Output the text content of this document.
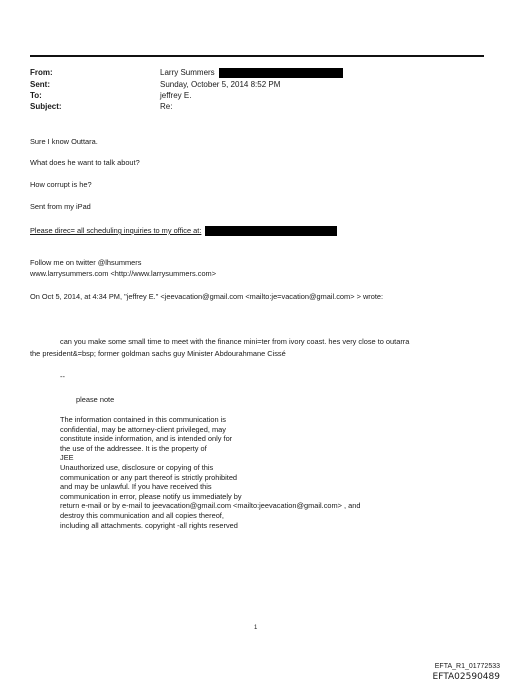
From:	Larry Summers
Sent:	Sunday, October 5, 2014 8:52 PM
To:	jeffrey E.
Subject:	Re:
Sure I know Outtara.
What does he want to talk about?
How corrupt is he?
Sent from my iPad
Please direc= all scheduling inquiries to my office at:
Follow me on twitter @lhsummers
www.larrysummers.com <http://www.larrysummers.com>
On Oct 5, 2014, at 4:34 PM, "jeffrey E." <jeevacation@gmail.com <mailto:je=vacation@gmail.com> > wrote:
can you make some small time to meet with the finance mini=ter from ivory coast. hes very close to outarra
the president&=bsp; former goldman sachs guy Minister Abdourahmane Cissé
--
please note
The information contained in this communication is
confidential, may be attorney-client privileged, may
constitute inside information, and is intended only for
the use of the addressee. It is the property of
JEE
Unauthorized use, disclosure or copying of this
communication or any part thereof is strictly prohibited
and may be unlawful. If you have received this
communication in error, please notify us immediately by
return e-mail or by e-mail to jeevacation@gmail.com <mailto:jeevacation@gmail.com> , and
destroy this communication and all copies thereof,
including all attachments. copyright -all rights reserved
1
EFTA_R1_01772533
EFTA02590489
